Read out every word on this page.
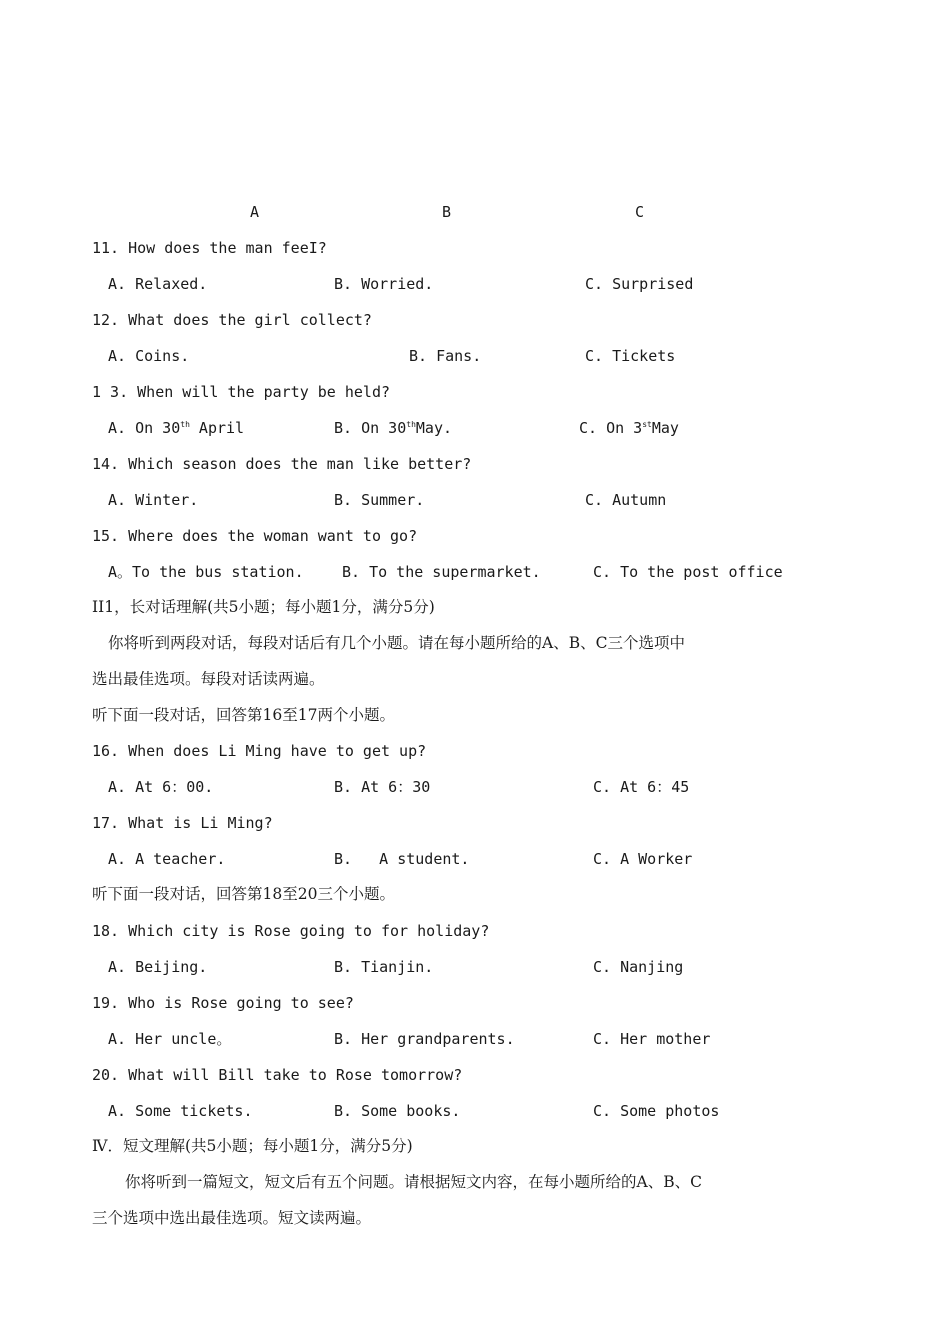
A	B	C
11. How does the man feeI?
A. Relaxed.	B. Worried.	C. Surprised
12. What does the girl collect?
A. Coins.	B. Fans.	C. Tickets
1 3. When will the party be held?
A. On 30th April	B. On 30thMay.	C. On 3stMay
14. Which season does the man like better?
A. Winter.	B. Summer.	C. Autumn
15. Where does the woman want to go?
A。To the bus station.	B. To the supermarket.	C. To the post office
II1，长对话理解(共5小题；每小题1分，满分5分)
你将听到两段对话，每段对话后有几个小题。请在每小题所给的A、B、C三个选项中
选出最佳选项。每段对话读两遍。
听下面一段对话，回答第16至17两个小题。
16. When does Li Ming have to get up?
A. At 6：00.	B. At 6：30	C. At 6：45
17. What is Li Ming?
A. A teacher.	B.   A student.	C. A Worker
听下面一段对话，回答第18至20三个小题。
18. Which city is Rose going to for holiday?
A. Beijing.	B. Tianjin.	C. Nanjing
19. Who is Rose going to see?
A. Her uncle。	B. Her grandparents.	C. Her mother
20. What will Bill take to Rose tomorrow?
A. Some tickets.	B. Some books.	C. Some photos
Ⅳ．短文理解(共5小题；每小题1分，满分5分)
你将听到一篇短文，短文后有五个问题。请根据短文内容，在每小题所给的A、B、C
三个选项中选出最佳选项。短文读两遍。
